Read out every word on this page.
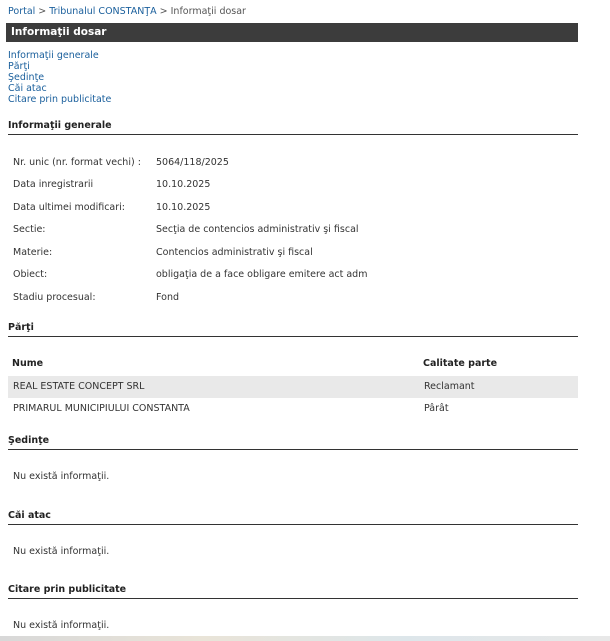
Portal > Tribunalul CONSTANŢA > Informaţii dosar
Informaţii dosar
Informaţii generale
Părţi
Şedinţe
Căi atac
Citare prin publicitate
Informaţii generale
Nr. unic (nr. format vechi) : 5064/118/2025
Data inregistrarii	10.10.2025
Data ultimei modificari:	10.10.2025
Sectie:	Secţia de contencios administrativ şi fiscal
Materie:	Contencios administrativ şi fiscal
Obiect:	obligaţia de a face obligare emitere act adm
Stadiu procesual:	Fond
Părţi
Nume	Calitate parte
REAL ESTATE CONCEPT SRL	Reclamant
PRIMARUL MUNICIPIULUI CONSTANTA	Pârât
Şedinţe
Nu există informaţii.
Căi atac
Nu există informaţii.
Citare prin publicitate
Nu există informaţii.
